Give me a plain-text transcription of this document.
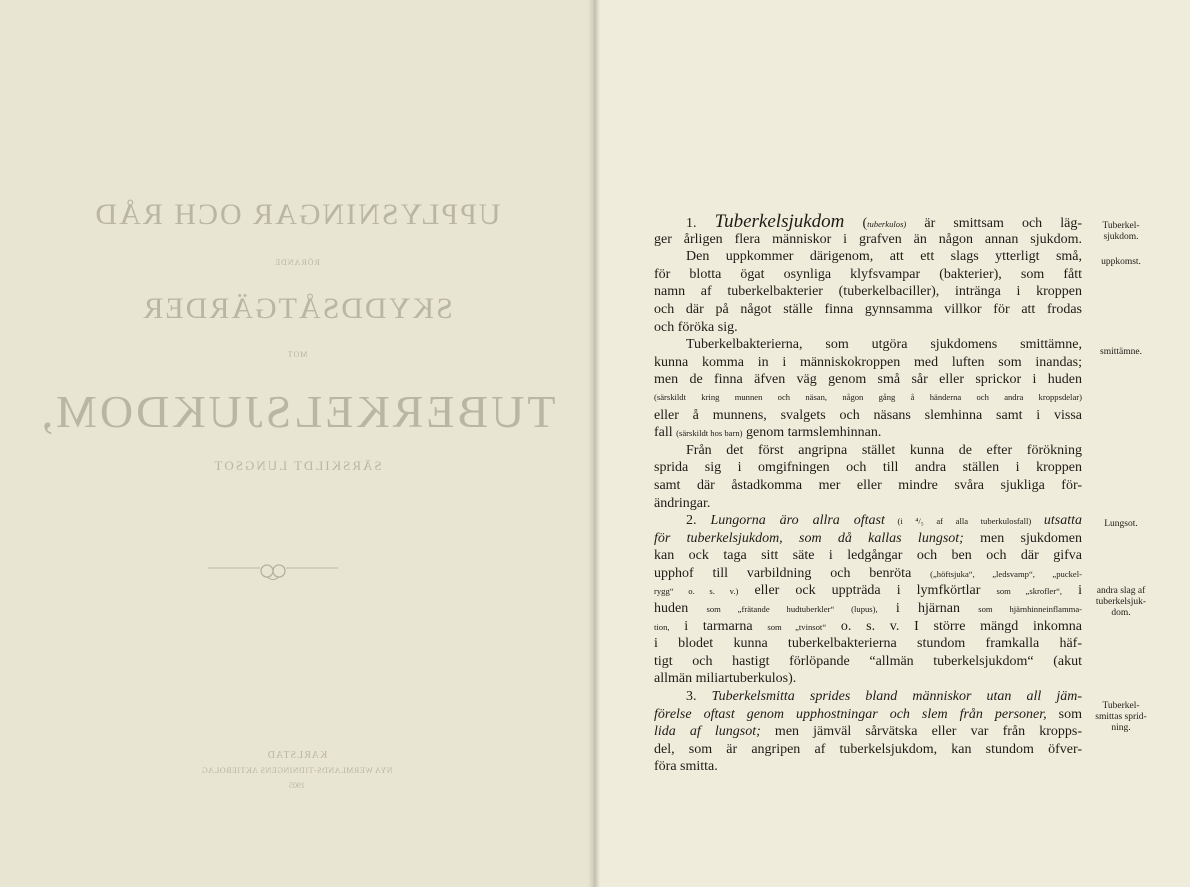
UPPLYSNINGAR OCH RÅD
RÖRANDE
SKYDDSÅTGÄRDER
MOT
TUBERKELSJUKDOM,
SÄRSKILDT LUNGSOT
KARLSTAD
NYA WERMLANDS-TIDNINGENS AKTIEBOLAG
1905
1. Tuberkelsjukdom (tuberkulos) är smittsam och läg-
ger årligen flera människor i grafven än någon annan sjukdom.
Den uppkommer därigenom, att ett slags ytterligt små,
för blotta ögat osynliga klyfsvampar (bakterier), som fått
namn af tuberkelbakterier (tuberkelbaciller), inträngа i kroppen
och där på något ställe finna gynnsamma villkor för att frodas
och föröka sig.
Tuberkelbakterierna, som utgöra sjukdomens smittämne,
kunna komma in i människokroppen med luften som inandas;
men de finna äfven väg genom små sår eller sprickor i huden
(särskildt kring munnen och näsan, någon gång å händerna och andra kroppsdelar)
eller å munnens, svalgets och näsans slemhinna samt i vissa
fall (särskildt hos barn) genom tarmslemhinnan.
Från det först angripna stället kunna de efter förökning
sprida sig i omgifningen och till andra ställen i kroppen
samt där åstadkomma mer eller mindre svåra sjukliga för-
ändringar.
2. Lungorna äro allra oftast (i ⁴/₅ af alla tuberkulosfall) utsatta
för tuberkelsjukdom, som då kallas lungsot; men sjukdomen
kan ock taga sitt säte i ledgångar och ben och där gifva
upphof till varbildning och benröta („höftsjuka“, „ledsvamp“, „puckel-
rygg“ o. s. v.) eller ock uppträda i lymfkörtlar som „skrofler“, i
huden som „frätande hudtuberkler“ (lupus), i hjärnan som hjärnhinneinflamma-
tion, i tarmarna som „tvinsot“ o. s. v. I större mängd inkomna
i blodet kunna tuberkelbakterierna stundom framkalla häf-
tigt och hastigt förlöpande “allmän tuberkelsjukdom“ (akut
allmän miliartuberkulos).
3. Tuberkelsmitta sprides bland människor utan all jäm-
förelse oftast genom upphostningar och slem från personer, som
lida af lungsot; men jämväl sårvätska eller var från kropps-
del, som är angripen af tuberkelsjukdom, kan stundom öfver-
föra smitta.
Tuberkel-
sjukdom.
uppkomst.
smittämne.
Lungsot.
andra slag af
tuberkelsjuk-
dom.
Tuberkel-
smittas sprid-
ning.
